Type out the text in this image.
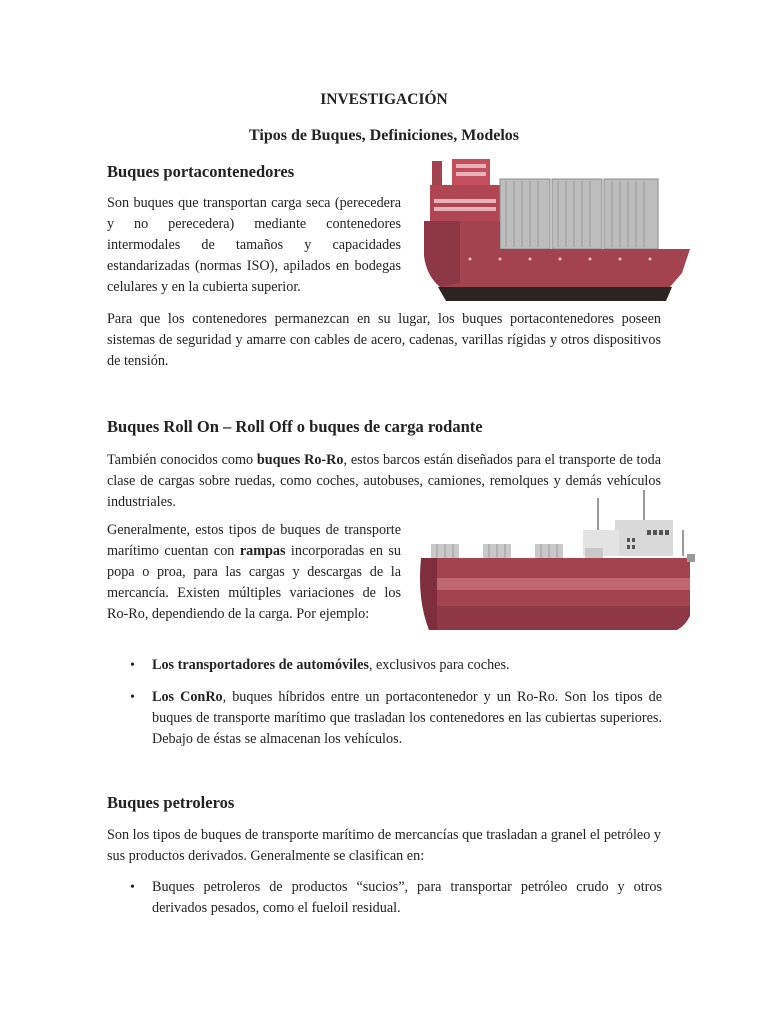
INVESTIGACIÓN
Tipos de Buques, Definiciones, Modelos
Buques portacontenedores

Son buques que transportan carga seca (perecedera y no perecedera) mediante contenedores intermodales de tamaños y capacidades estandarizadas (normas ISO), apilados en bodegas celulares y en la cubierta superior.

Para que los contenedores permanezcan en su lugar, los buques portacontenedores poseen sistemas de seguridad y amarre con cables de acero, cadenas, varillas rígidas y otros dispositivos de tensión.

Buques Roll On – Roll Off o buques de carga rodante

También conocidos como buques Ro-Ro, estos barcos están diseñados para el transporte de toda clase de cargas sobre ruedas, como coches, autobuses, camiones, remolques y demás vehículos industriales.

Generalmente, estos tipos de buques de transporte marítimo cuentan con rampas incorporadas en su popa o proa, para las cargas y descargas de la mercancía. Existen múltiples variaciones de los Ro-Ro, dependiendo de la carga. Por ejemplo:

• Los transportadores de automóviles, exclusivos para coches.

• Los ConRo, buques híbridos entre un portacontenedor y un Ro-Ro. Son los tipos de buques de transporte marítimo que trasladan los contenedores en las cubiertas superiores. Debajo de éstas se almacenan los vehículos.

Buques petroleros

Son los tipos de buques de transporte marítimo de mercancías que trasladan a granel el petróleo y sus productos derivados. Generalmente se clasifican en:

• Buques petroleros de productos “sucios”, para transportar petróleo crudo y otros derivados pesados, como el fueloil residual.
